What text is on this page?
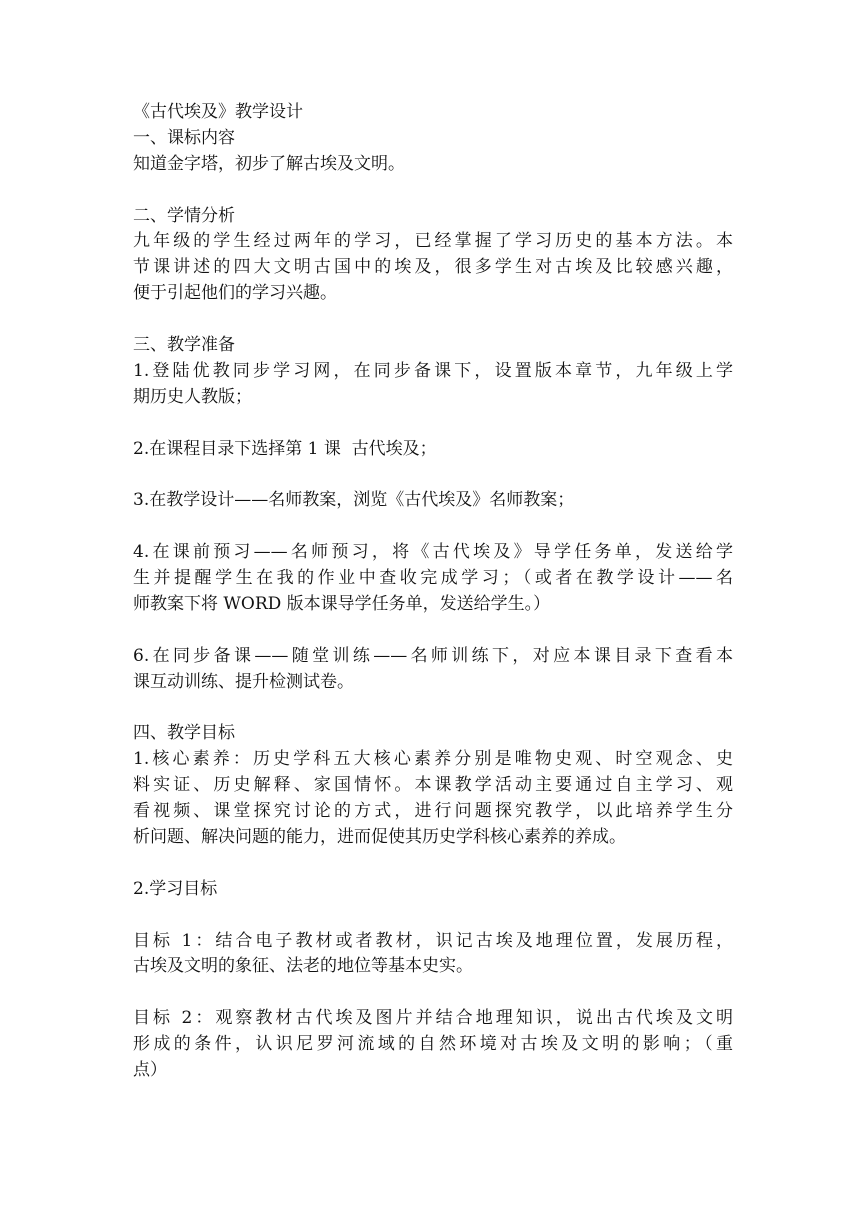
《古代埃及》教学设计
一、课标内容
知道金字塔，初步了解古埃及文明。
二、学情分析
九年级的学生经过两年的学习，已经掌握了学习历史的基本方法。本
节课讲述的四大文明古国中的埃及，很多学生对古埃及比较感兴趣，
便于引起他们的学习兴趣。
三、教学准备
1.登陆优教同步学习网，在同步备课下，设置版本章节，九年级上学
期历史人教版；
2.在课程目录下选择第 1 课  古代埃及；
3.在教学设计——名师教案，浏览《古代埃及》名师教案；
4.在课前预习——名师预习，将《古代埃及》导学任务单，发送给学
生并提醒学生在我的作业中查收完成学习；（或者在教学设计——名
师教案下将 WORD 版本课导学任务单，发送给学生。）
6.在同步备课——随堂训练——名师训练下，对应本课目录下查看本
课互动训练、提升检测试卷。
四、教学目标
1.核心素养：历史学科五大核心素养分别是唯物史观、时空观念、史
料实证、历史解释、家国情怀。本课教学活动主要通过自主学习、观
看视频、课堂探究讨论的方式，进行问题探究教学，以此培养学生分
析问题、解决问题的能力，进而促使其历史学科核心素养的养成。
2.学习目标
目标 1：结合电子教材或者教材，识记古埃及地理位置，发展历程，
古埃及文明的象征、法老的地位等基本史实。
目标 2：观察教材古代埃及图片并结合地理知识，说出古代埃及文明
形成的条件，认识尼罗河流域的自然环境对古埃及文明的影响；（重
点）
